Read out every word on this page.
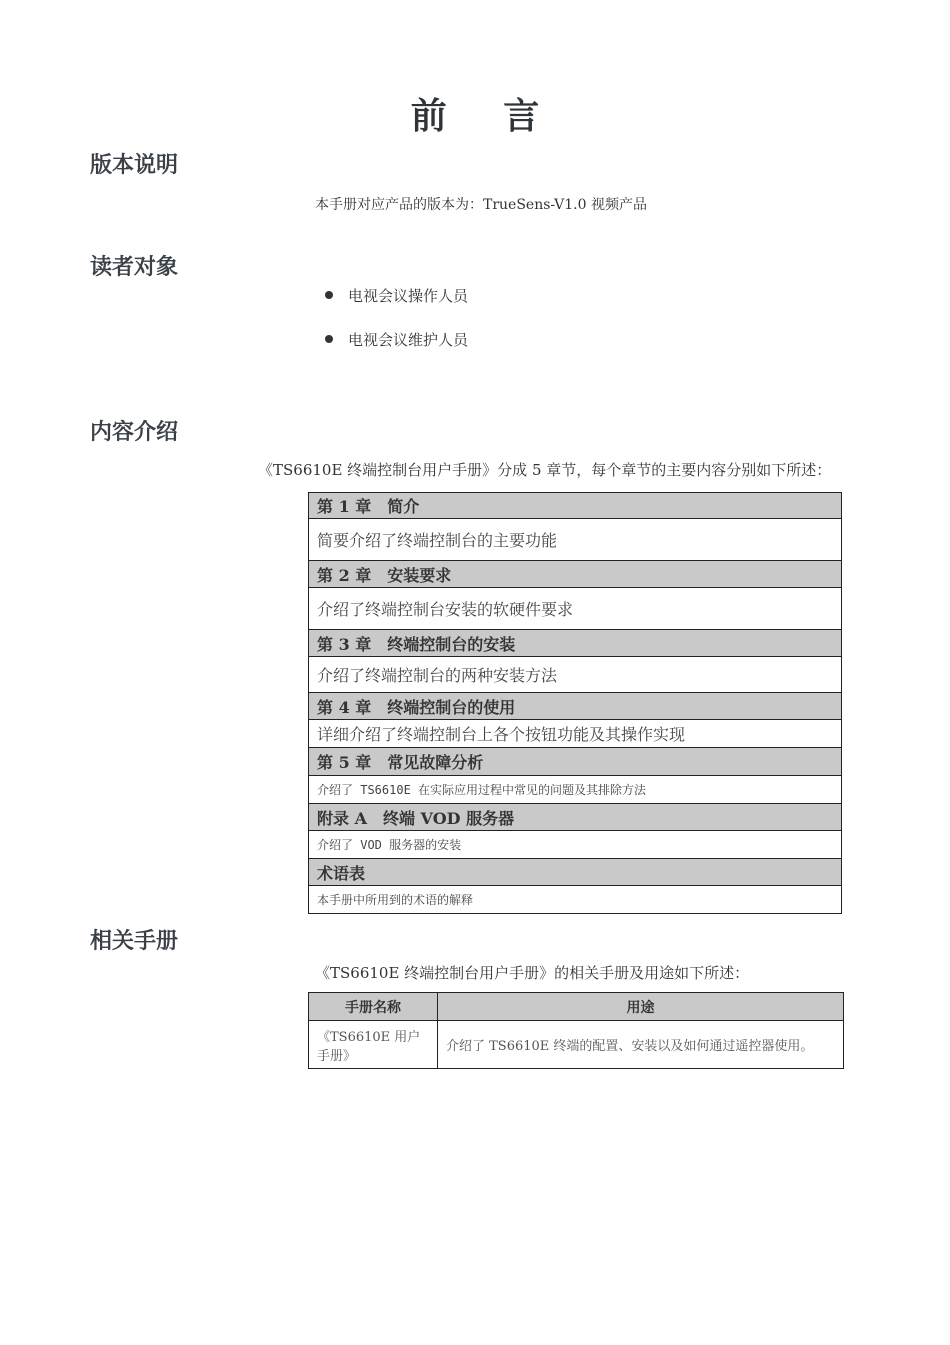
前 言
版本说明
本手册对应产品的版本为：TrueSens-V1.0 视频产品
读者对象
电视会议操作人员
电视会议维护人员
内容介绍
《TS6610E 终端控制台用户手册》分成 5 章节，每个章节的主要内容分别如下所述：
第 1 章　简介
简要介绍了终端控制台的主要功能
第 2 章　安装要求
介绍了终端控制台安装的软硬件要求
第 3 章　终端控制台的安装
介绍了终端控制台的两种安装方法
第 4 章　终端控制台的使用
详细介绍了终端控制台上各个按钮功能及其操作实现
第 5 章　常见故障分析
介绍了 TS6610E 在实际应用过程中常见的问题及其排除方法
附录 A　终端 VOD 服务器
介绍了 VOD 服务器的安装
术语表
本手册中所用到的术语的解释
相关手册
《TS6610E 终端控制台用户手册》的相关手册及用途如下所述：
手册名称	用途
《TS6610E 用户手册》	介绍了 TS6610E 终端的配置、安装以及如何通过遥控器使用。
